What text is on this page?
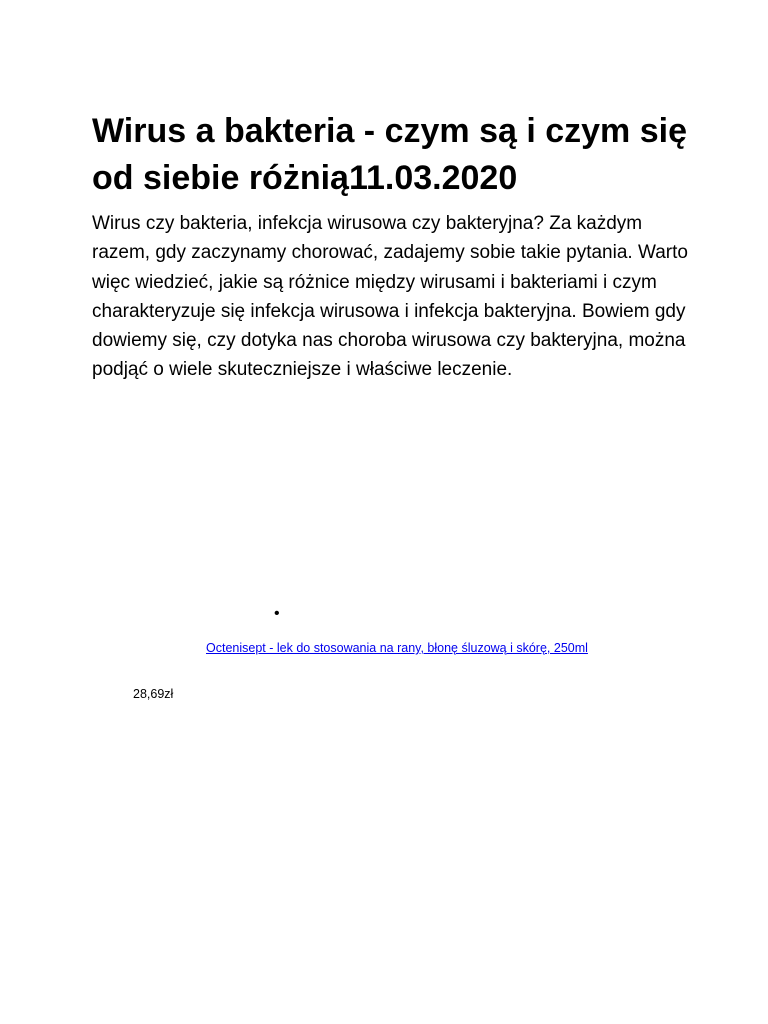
Wirus a bakteria - czym są i czym się od siebie różnią11.03.2020

Wirus czy bakteria, infekcja wirusowa czy bakteryjna? Za każdym razem, gdy zaczynamy chorować, zadajemy sobie takie pytania. Warto więc wiedzieć, jakie są różnice między wirusami i bakteriami i czym charakteryzuje się infekcja wirusowa i infekcja bakteryjna. Bowiem gdy dowiemy się, czy dotyka nas choroba wirusowa czy bakteryjna, można podjąć o wiele skuteczniejsze i właściwe leczenie.

•
Octenisept - lek do stosowania na rany, błonę śluzową i skórę, 250ml
28,69zł
